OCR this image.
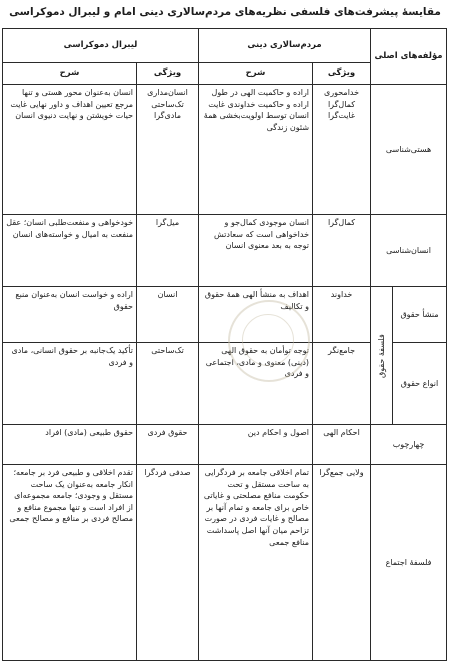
مقایسهٔ پیشرفت‌های فلسفی نظریه‌های مردم‌سالاری دینی امام و لیبرال دموکراسی
مؤلفه‌های اصلی		مردم‌سالاری دینی		لیبرال دموکراسی	
		ویژگی	شرح	ویژگی	شرح
هستی‌شناسی		خدامحوری کمال‌گرا غایت‌گرا	اراده و حاکمیت الهی در طول اراده و حاکمیت خداوندی غایت انسان توسط اولویت‌بخشی همهٔ شئون زندگی	انسان‌مداری تک‌ساحتی مادی‌گرا	انسان به‌عنوان محور هستی و تنها مرجع تعیین اهداف و داور نهایی غایت حیات خویشتن و نهایت دنیوی انسان
انسان‌شناسی		کمال‌گرا	انسان موجودی کمال‌جو و خداخواهی است که سعادتش توجه به بعد معنوی انسان	میل‌گرا	خودخواهی و منفعت‌طلبی انسان؛ عقل منفعت به امیال و خواسته‌های انسان
منشأ حقوق	فلسفهٔ حقوق	خداوند	اهداف به منشأ الهی همهٔ حقوق و تکالیف	انسان	اراده و خواست انسان به‌عنوان منبع حقوق
انواع حقوق		جامع‌نگر	توجه توأمان به حقوق الهی (دینی) معنوی و مادی، اجتماعی و فردی	تک‌ساحتی	تأکید یک‌جانبه بر حقوق انسانی، مادی و فردی
چهارچوب		احکام الهی	اصول و احکام دین	حقوق فردی	حقوق طبیعی (مادی) افراد
فلسفهٔ اجتماع		ولایی جمع‌گرا	تمام اخلاقی جامعه بر فردگرایی به ساحت مستقل و تحت حکومت منافع مصلحتی و غایاتی خاص برای جامعه و تمام آنها بر مصالح و غایات فردی در صورت تزاحم میان آنها اصل پاسداشت منافع جمعی	صدفی فردگرا	تقدم اخلاقی و طبیعی فرد بر جامعه؛ انکار جامعه به‌عنوان یک ساحت مستقل و وجودی؛ جامعه مجموعه‌ای از افراد است و تنها مجموع منافع و مصالح فردی بر منافع و مصالح جمعی
